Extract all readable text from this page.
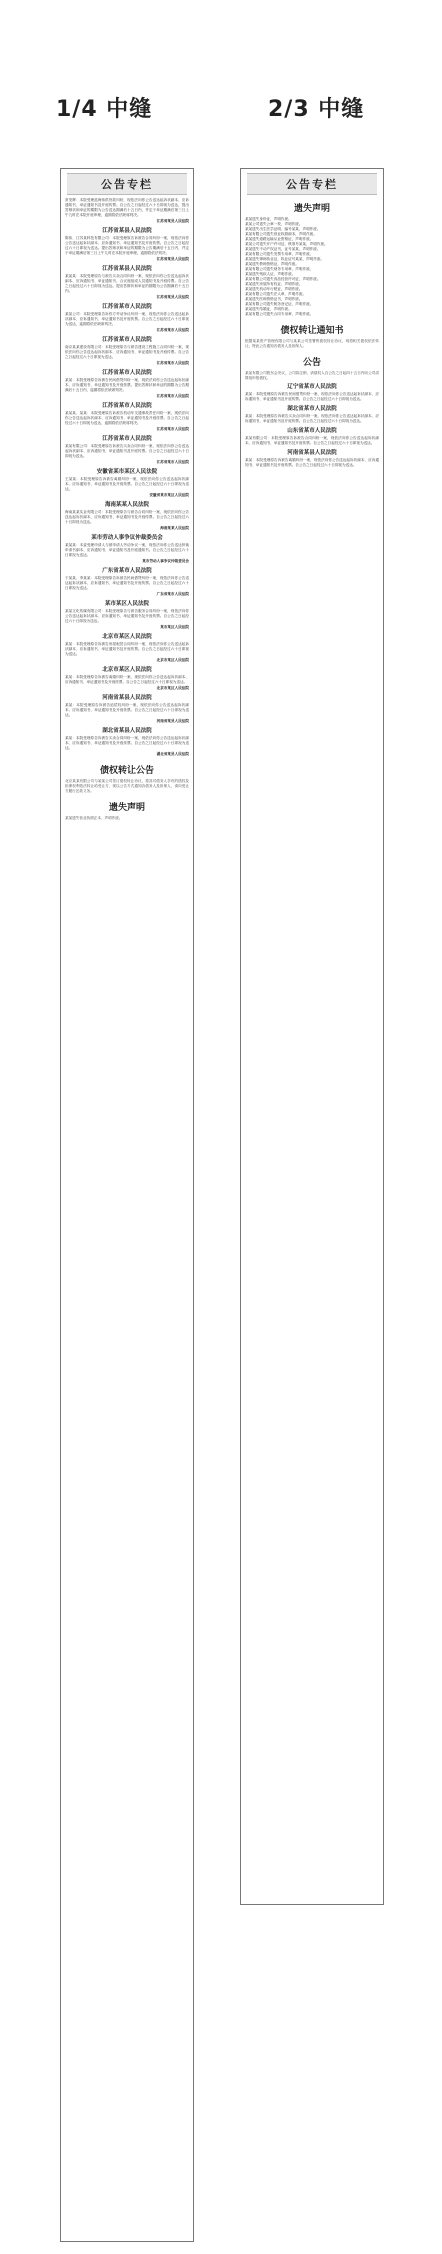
1/4 中缝	2/3 中缝
公告专栏
常发辉：本院受理蓝海伟供货款纠纷，现依法向你公告送达起诉状副本、应诉通知书、举证通知书及开庭传票。自公告之日起经过六十日即视为送达，提出答辩状和举证的期限为公告送达期满后十五日内，并定于举证期满后第三日上午九时在本院开庭审理，逾期将依法缺席判决。
江苏省某县人民法院
江苏省某县人民法院
陈伟、江苏某科技有限公司：本院受理原告诉被告合同纠纷一案，现依法向你公告送达起诉状副本、应诉通知书、举证通知书及开庭传票。自公告之日起经过六十日即视为送达。提出答辩状和举证的期限为公告期满后十五日内，并定于举证期满后第三日上午九时在本院开庭审理，逾期将依法判决。
江苏省某县人民法院
江苏省某县人民法院
某某某：本院受理原告与被告买卖合同纠纷一案，现依法向你公告送达起诉状副本、应诉通知书、举证通知书、合议庭组成人员通知书及开庭传票。自公告之日起经过六十日即视为送达。提出答辩状和举证的期限为公告期满后十五日内。
江苏省某县人民法院
江苏省某市人民法院
某某公司：本院受理原告诉你方劳动争议纠纷一案，现依法向你公告送达起诉状副本、应诉通知书、举证通知书及开庭传票。自公告之日起经过六十日即视为送达，逾期将依法缺席判决。
江苏省某市人民法院
江苏省某市人民法院
南京某某建设有限公司：本院受理原告与被告建设工程施工合同纠纷一案，现依法向你公告送达起诉状副本、应诉通知书、举证通知书及开庭传票。自公告之日起经过六十日即视为送达。
江苏省某市人民法院
江苏省某市人民法院
某某：本院受理原告诉被告民间借贷纠纷一案，现依法向你公告送达起诉状副本、应诉通知书、举证通知书及开庭传票。提出答辩状和举证的期限为公告期满后十五日内，逾期将依法缺席判决。
江苏省某市人民法院
江苏省某市人民法院
某某某、某某：本院受理原告诉被告机动车交通事故责任纠纷一案，现依法向你公告送达起诉状副本、应诉通知书、举证通知书及开庭传票。自公告之日起经过六十日即视为送达，逾期将依法缺席判决。
江苏省某市人民法院
江苏省某市人民法院
某某有限公司：本院受理原告诉被告买卖合同纠纷一案，现依法向你公告送达起诉状副本、应诉通知书、举证通知书及开庭传票。自公告之日起经过六十日即视为送达。
江苏省某市人民法院
安徽省某市某区人民法院
王某某：本院受理原告诉被告离婚纠纷一案，现依法向你公告送达起诉状副本、应诉通知书、举证通知书及开庭传票。自公告之日起经过六十日即视为送达。
安徽省某市某区人民法院
海南某某人民法院
海南某某实业有限公司：本院受理原告与被告合同纠纷一案，现依法向你公告送达起诉状副本、应诉通知书、举证通知书及开庭传票。自公告之日起经过六十日即视为送达。
海南某某人民法院
某市劳动人事争议仲裁委员会
某某某：本委受理申请人与被申请人劳动争议一案，现依法向你公告送达仲裁申请书副本、应诉通知书、举证通知书及开庭通知书。自公告之日起经过六十日即视为送达。
某市劳动人事争议仲裁委员会
广东省某市人民法院
于某某、李某某：本院受理原告诉被告民间借贷纠纷一案，现依法向你公告送达起诉状副本、应诉通知书、举证通知书及开庭传票。自公告之日起经过六十日即视为送达。
广东省某市人民法院
某市某区人民法院
某某文化传媒有限公司：本院受理原告与被告服务合同纠纷一案，现依法向你公告送达起诉状副本、应诉通知书、举证通知书及开庭传票。自公告之日起经过六十日即视为送达。
某市某区人民法院
北京市某区人民法院
某某：本院受理原告诉被告房屋租赁合同纠纷一案，现依法向你公告送达起诉状副本、应诉通知书、举证通知书及开庭传票。自公告之日起经过六十日即视为送达。
北京市某区人民法院
北京市某区人民法院
某某：本院受理原告诉被告离婚纠纷一案，现依法向你公告送达起诉状副本、应诉通知书、举证通知书及开庭传票。自公告之日起经过六十日即视为送达。
北京市某区人民法院
河南省某县人民法院
某某：本院受理原告诉被告追偿权纠纷一案，现依法向你公告送达起诉状副本、应诉通知书、举证通知书及开庭传票。自公告之日起经过六十日即视为送达。
河南省某县人民法院
湖北省某县人民法院
某某：本院受理原告诉被告买卖合同纠纷一案，现依法向你公告送达起诉状副本、应诉通知书、举证通知书及开庭传票。自公告之日起经过六十日即视为送达。
湖北省某县人民法院
债权转让公告
北京某某有限公司与某某公司签订债权转让协议，将其对债务人享有的债权及担保权利依法转让给受让方，现以公告方式通知各债务人及担保人，请向受让方履行还款义务。
遗失声明
某某遗失营业执照正本，声明作废。
公告专栏
遗失声明
某某遗失身份证，声明作废。
某某公司遗失公章一枚，声明作废。
某某遗失出生医学证明，编号某某，声明作废。
某某有限公司遗失营业执照副本，声明作废。
某某遗失道路运输从业资格证，声明作废。
某某公司遗失开户许可证，核准号某某，声明作废。
某某遗失不动产权证书，证号某某，声明作废。
某某有限公司遗失发票专用章，声明作废。
某某遗失律师执业证，执业证号某某，声明作废。
某某遗失教师资格证，声明作废。
某某有限公司遗失财务专用章，声明作废。
某某遗失残疾人证，声明作废。
某某有限公司遗失食品经营许可证，声明作废。
某某遗失房屋所有权证，声明作废。
某某遗失机动车行驶证，声明作废。
某某有限公司遗失法人章，声明作废。
某某遗失医师资格证书，声明作废。
某某有限公司遗失税务登记证，声明作废。
某某遗失结婚证，声明作废。
某某有限公司遗失合同专用章，声明作废。
债权转让通知书
根据某某资产管理有限公司与某某公司签署的债权转让协议，现将相关债权依法转让，特此公告通知各债务人及担保人。
公告
某某有限公司股东会决议，公司拟注销，请债权人自公告之日起四十五日内向公司清算组申报债权。
辽宁省某市人民法院
某某：本院受理原告诉被告民间借贷纠纷一案，现依法向你公告送达起诉状副本、应诉通知书、举证通知书及开庭传票。自公告之日起经过六十日即视为送达。
湖北省某市人民法院
某某：本院受理原告诉被告买卖合同纠纷一案，现依法向你公告送达起诉状副本、应诉通知书、举证通知书及开庭传票。自公告之日起经过六十日即视为送达。
山东省某市人民法院
某某有限公司：本院受理原告诉被告合同纠纷一案，现依法向你公告送达起诉状副本、应诉通知书、举证通知书及开庭传票。自公告之日起经过六十日即视为送达。
河南省某县人民法院
某某：本院受理原告诉被告离婚纠纷一案，现依法向你公告送达起诉状副本、应诉通知书、举证通知书及开庭传票。自公告之日起经过六十日即视为送达。
